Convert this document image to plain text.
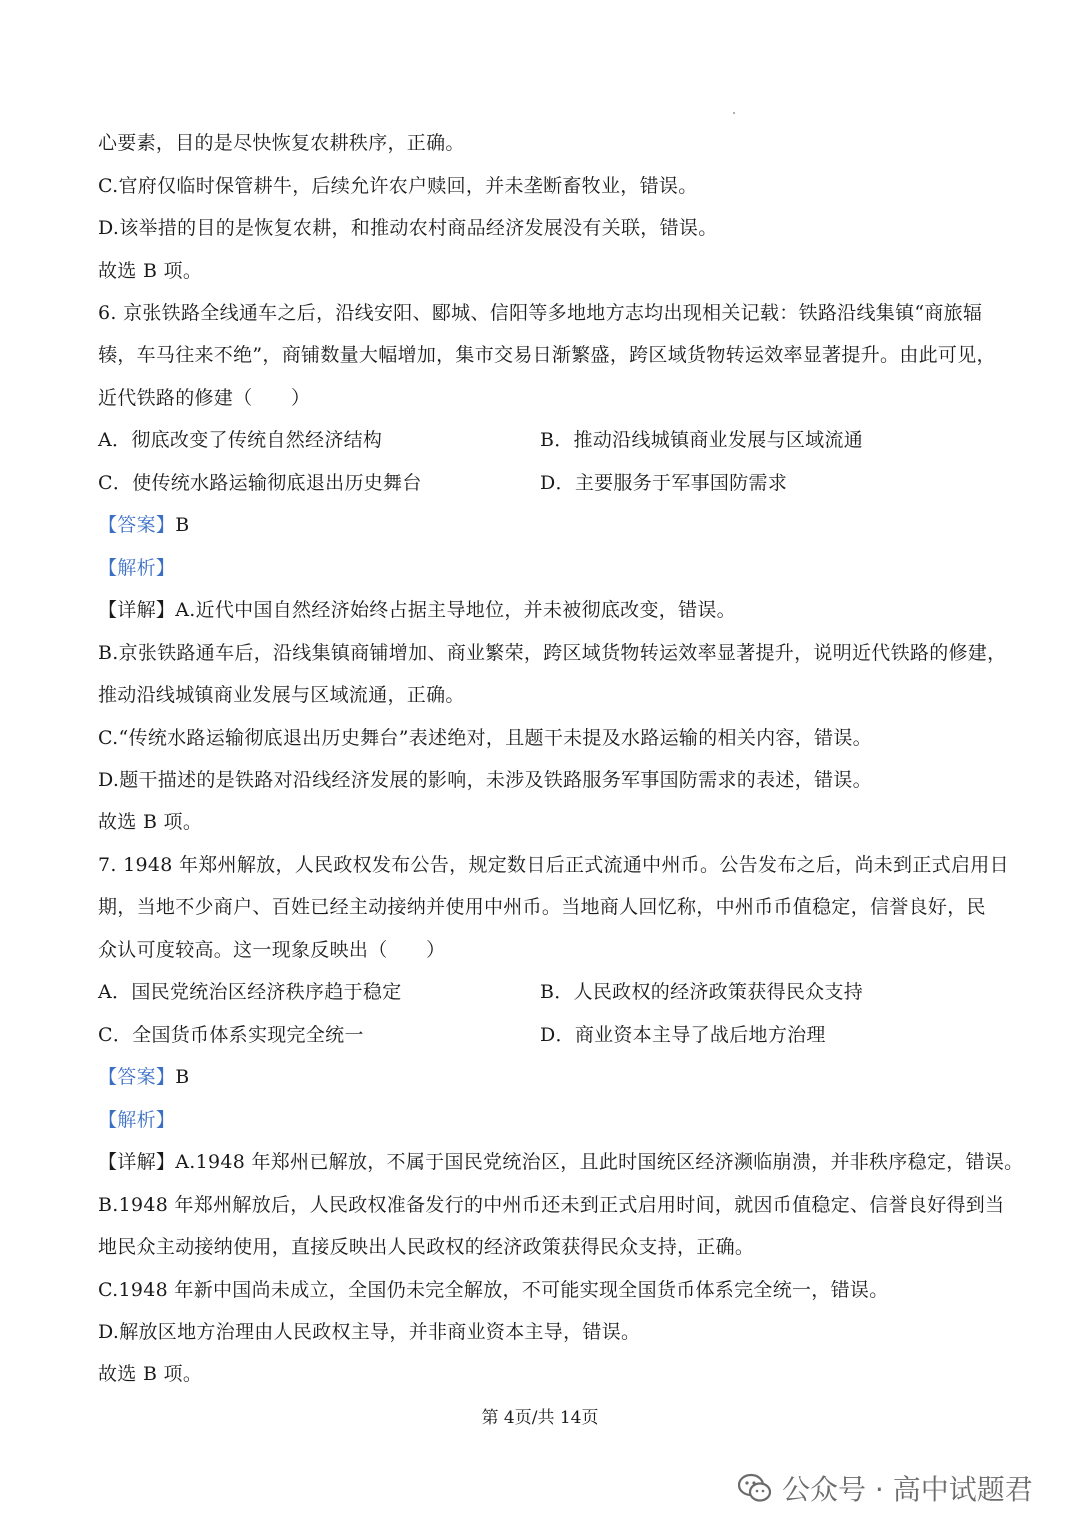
心要素，目的是尽快恢复农耕秩序，正确。
C.官府仅临时保管耕牛，后续允许农户赎回，并未垄断畜牧业，错误。
D.该举措的目的是恢复农耕，和推动农村商品经济发展没有关联，错误。
故选 B 项。
6. 京张铁路全线通车之后，沿线安阳、郾城、信阳等多地地方志均出现相关记载：铁路沿线集镇“商旅辐
辏，车马往来不绝”，商铺数量大幅增加，集市交易日渐繁盛，跨区域货物转运效率显著提升。由此可见，
近代铁路的修建（　　）
A．彻底改变了传统自然经济结构	B．推动沿线城镇商业发展与区域流通
C．使传统水路运输彻底退出历史舞台	D．主要服务于军事国防需求
【答案】B
【解析】
【详解】A.近代中国自然经济始终占据主导地位，并未被彻底改变，错误。
B.京张铁路通车后，沿线集镇商铺增加、商业繁荣，跨区域货物转运效率显著提升，说明近代铁路的修建，
推动沿线城镇商业发展与区域流通，正确。
C.“传统水路运输彻底退出历史舞台”表述绝对，且题干未提及水路运输的相关内容，错误。
D.题干描述的是铁路对沿线经济发展的影响，未涉及铁路服务军事国防需求的表述，错误。
故选 B 项。
7. 1948 年郑州解放，人民政权发布公告，规定数日后正式流通中州币。公告发布之后，尚未到正式启用日
期，当地不少商户、百姓已经主动接纳并使用中州币。当地商人回忆称，中州币币值稳定，信誉良好，民
众认可度较高。这一现象反映出（　　）
A．国民党统治区经济秩序趋于稳定	B．人民政权的经济政策获得民众支持
C．全国货币体系实现完全统一	D．商业资本主导了战后地方治理
【答案】B
【解析】
【详解】A.1948 年郑州已解放，不属于国民党统治区，且此时国统区经济濒临崩溃，并非秩序稳定，错误。
B.1948 年郑州解放后，人民政权准备发行的中州币还未到正式启用时间，就因币值稳定、信誉良好得到当
地民众主动接纳使用，直接反映出人民政权的经济政策获得民众支持，正确。
C.1948 年新中国尚未成立，全国仍未完全解放，不可能实现全国货币体系完全统一，错误。
D.解放区地方治理由人民政权主导，并非商业资本主导，错误。
故选 B 项。
第 4页/共 14页
公众号 · 高中试题君
